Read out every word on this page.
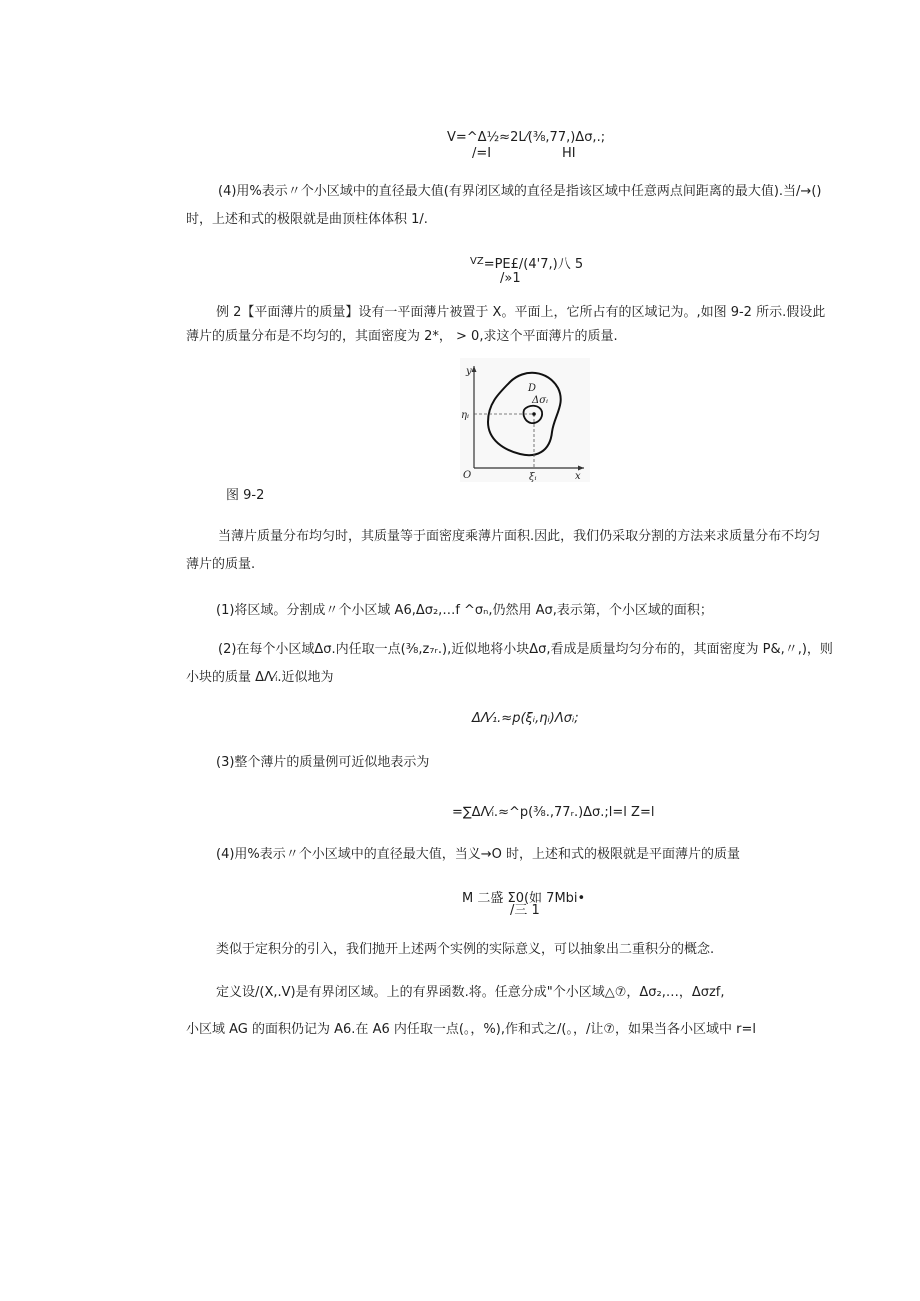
V=^Δ½≈2L⁄(⅜,77,)Δσ,.;
/=I	HI
(4)用%表示〃个小区域中的直径最大值(有界闭区域的直径是指该区域中任意两点间距离的最大值).当/→()
时，上述和式的极限就是曲顶柱体体积 1/.
$^{VZ}$=PE£/(4'7,)八 5
/»1
例 2【平面薄片的质量】设有一平面薄片被置于 X。平面上，它所占有的区域记为。,如图 9-2 所示.假设此
薄片的质量分布是不均匀的，其面密度为 2*， > 0,求这个平面薄片的质量.
y
x
O
D
Δσᵢ
ηᵢ
ξᵢ
图 9-2
当薄片质量分布均匀时，其质量等于面密度乘薄片面积.因此，我们仍采取分割的方法来求质量分布不均匀
薄片的质量.
(1)将区域。分割成〃个小区域 A6,Δσ₂,…f ^σₙ,仍然用 Aσ,表示第，个小区域的面积；
(2)在每个小区域Δσ.内任取一点(⅜,z₇ᵣ.),近似地将小块Δσ,看成是质量均匀分布的，其面密度为 P&,〃,)，则
小块的质量 ΔΛ⁄ᵢ.近似地为
ΔΛ⁄₁.≈p(ξᵢ,ηᵢ)Λσᵢ;
(3)整个薄片的质量例可近似地表示为
=∑ΔΛ⁄ᵢ.≈^p(⅜.,77ᵣ.)Δσ.;l=l Z=l
(4)用%表示〃个小区域中的直径最大值，当义→O 时，上述和式的极限就是平面薄片的质量
M 二盛 Σ0(如 7Mbi•
/三 1
类似于定积分的引入，我们抛开上述两个实例的实际意义，可以抽象出二重积分的概念.
定义设/(X,.V)是有界闭区域。上的有界函数.将。任意分成"个小区域△⑦，Δσ₂,…，Δσzf,
小区域 AG 的面积仍记为 A6.在 A6 内任取一点(。，%),作和式之/(。，/让⑦，如果当各小区域中 r=l
